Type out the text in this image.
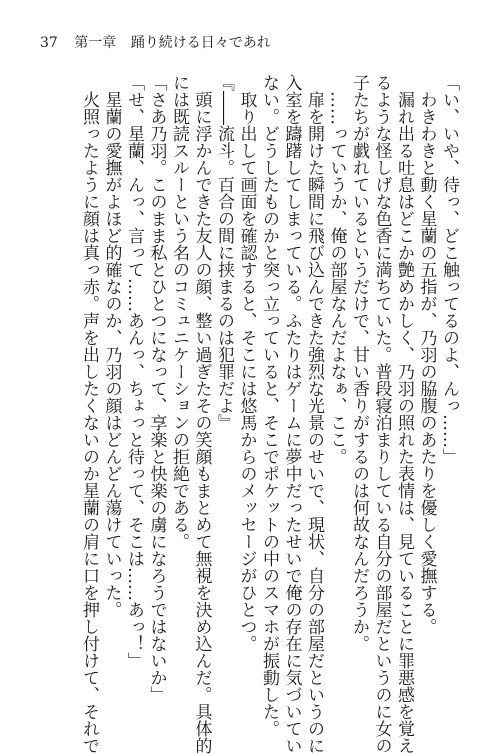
37 第一章 踊り続ける日々であれ

「い、いや、待っ、どこ触ってるのよ、んっ……」

　わきわきと動く星蘭の五指が、乃羽の脇腹のあたりを優しく愛撫する。

　漏れ出る吐息はどこか艶めかしく、乃羽の照れた表情は、見ていることに罪悪感を覚え

るような怪しげな色香に満ちていた。普段寝泊まりしている自分の部屋だというのに女の

子たちが戯れているというだけで、甘い香りがするのは何故なんだろうか。

　……っていうか、俺の部屋なんだよなぁ、ここ。

　扉を開けた瞬間に飛び込んできた強烈な光景のせいで、現状、自分の部屋だというのに

入室を躊躇してしまっている。ふたりはゲームに夢中だったせいで俺の存在に気づいてい

ない。どうしたものかと突っ立っていると、そこでポケットの中のスマホが振動した。

　取り出して画面を確認すると、そこには悠馬からのメッセージがひとつ。

『――流斗。百合の間に挟まるのは犯罪だよ』

　頭に浮かんできた友人の顔、整い過ぎたその笑顔もまとめて無視を決め込んだ。具体的

には既読スルーという名のコミュニケーションの拒絶である。

「さあ乃羽。このまま私とひとつになって、享楽と快楽の虜になろうではないか」

「せ、星蘭、んっ、言って……あんっ、ちょっと待って、そこは……あっ！」

　星蘭の愛撫がよほど的確なのか、乃羽の顔はどんどん蕩けていった。

　火照ったように顔は真っ赤。声を出したくないのか星蘭の肩に口を押し付けて、それで
